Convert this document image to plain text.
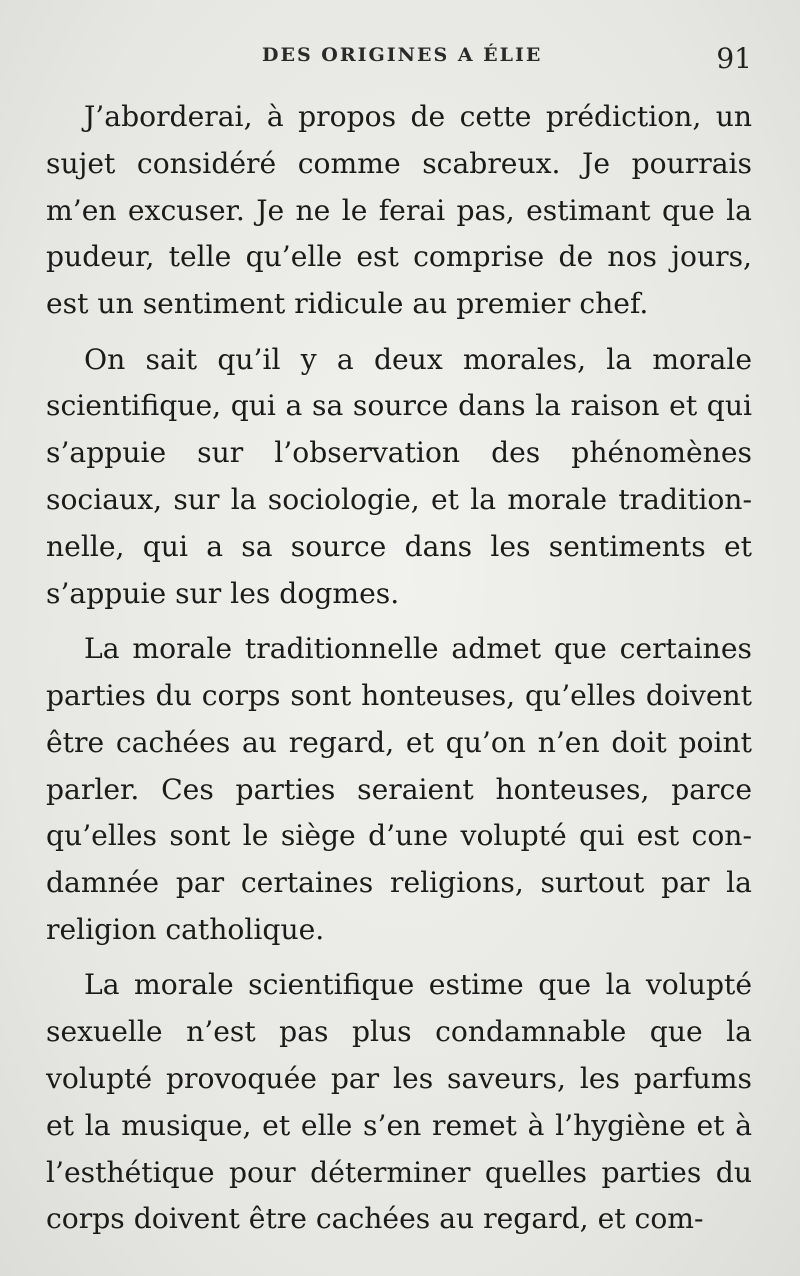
DES ORIGINES A ÉLIE	91

J’aborderai, à propos de cette prédiction, un sujet considéré comme scabreux. Je pourrais m’en excuser. Je ne le ferai pas, estimant que la pudeur, telle qu’elle est comprise de nos jours, est un sentiment ridicule au premier chef.

On sait qu’il y a deux morales, la morale scientifique, qui a sa source dans la raison et qui s’appuie sur l’observation des phénomènes sociaux, sur la sociologie, et la morale traditionnelle, qui a sa source dans les sentiments et s’appuie sur les dogmes.

La morale traditionnelle admet que certaines parties du corps sont honteuses, qu’elles doivent être cachées au regard, et qu’on n’en doit point parler. Ces parties seraient honteuses, parce qu’elles sont le siège d’une volupté qui est condamnée par certaines religions, surtout par la religion catholique.

La morale scientifique estime que la volupté sexuelle n’est pas plus condamnable que la volupté provoquée par les saveurs, les parfums et la musique, et elle s’en remet à l’hygiène et à l’esthétique pour déterminer quelles parties du corps doivent être cachées au regard, et com-
